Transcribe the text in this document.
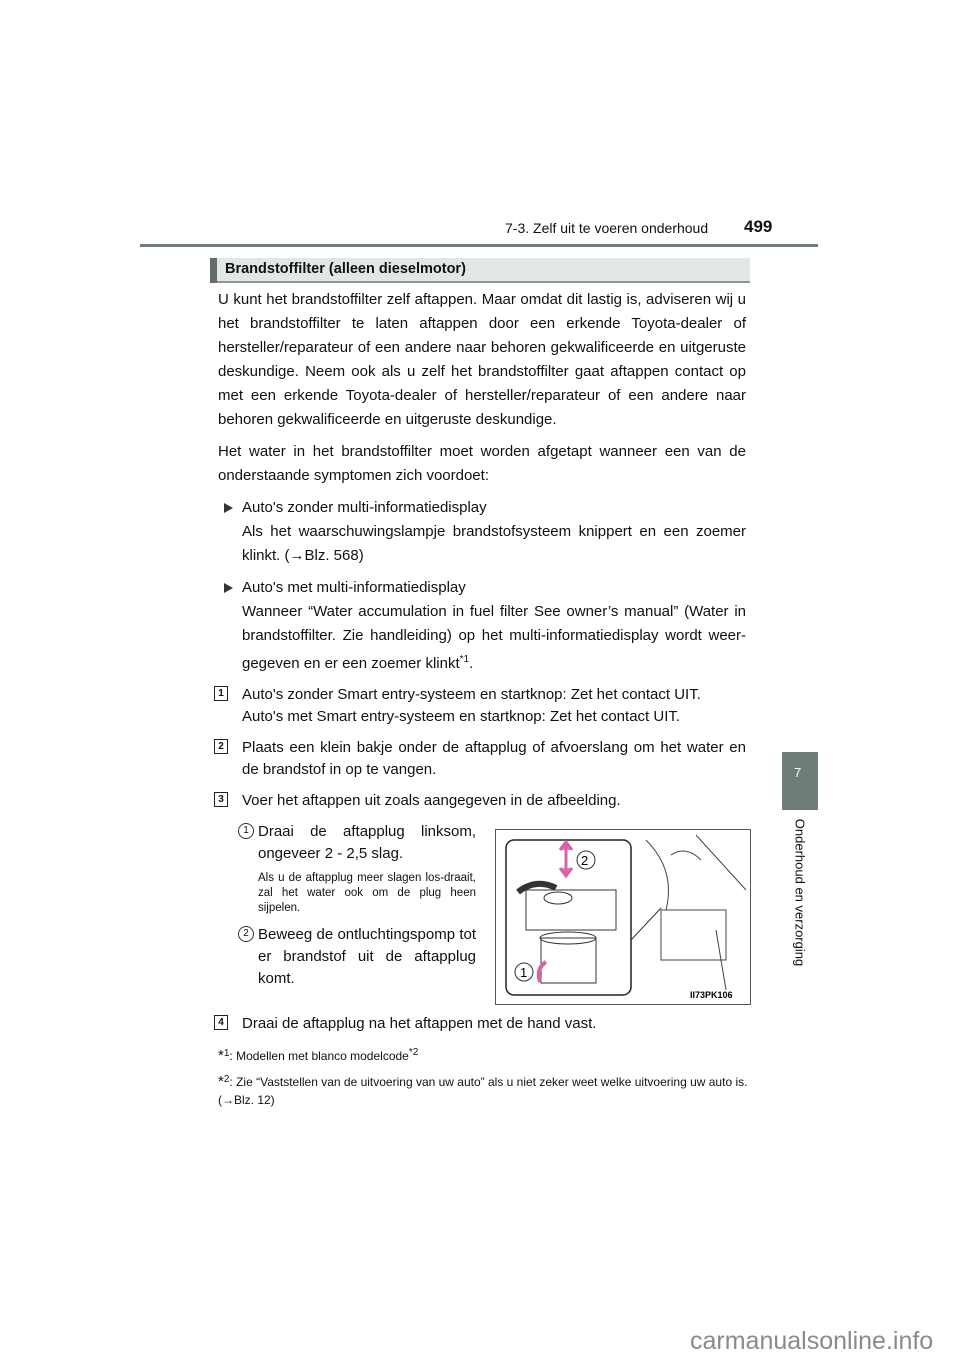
7-3. Zelf uit te voeren onderhoud 499
7
Onderhoud en verzorging
Brandstoffilter (alleen dieselmotor)
U kunt het brandstoffilter zelf aftappen. Maar omdat dit lastig is, adviseren wij u het brandstoffilter te laten aftappen door een erkende Toyota-dealer of hersteller/reparateur of een andere naar behoren gekwalificeerde en uitgeruste deskundige. Neem ook als u zelf het brandstoffilter gaat aftappen contact op met een erkende Toyota-dealer of hersteller/reparateur of een andere naar behoren gekwalificeerde en uitgeruste deskundige.
Het water in het brandstoffilter moet worden afgetapt wanneer een van de onderstaande symptomen zich voordoet:
Auto's zonder multi-informatiedisplay
Als het waarschuwingslampje brandstofsysteem knippert en een zoemer klinkt. (→Blz. 568)
Auto's met multi-informatiedisplay
Wanneer “Water accumulation in fuel filter See owner’s manual” (Water in brandstoffilter. Zie handleiding) op het multi-informatiedisplay wordt weer-gegeven en er een zoemer klinkt$^{*1}$.
1 Auto's zonder Smart entry-systeem en startknop: Zet het contact UIT.
Auto's met Smart entry-systeem en startknop: Zet het contact UIT.
2 Plaats een klein bakje onder de aftapplug of afvoerslang om het water en de brandstof in op te vangen.
3 Voer het aftappen uit zoals aangegeven in de afbeelding.
1 Draai de aftapplug linksom, ongeveer 2 - 2,5 slag.
Als u de aftapplug meer slagen los-draait, zal het water ook om de plug heen sijpelen.
2 Beweeg de ontluchtingspomp tot er brandstof uit de aftapplug komt.
2
1
II73PK106
4 Draai de aftapplug na het aftappen met de hand vast.
$*_1$: Modellen met blanco modelcode$^{*2}$
$*_2$: Zie “Vaststellen van de uitvoering van uw auto” als u niet zeker weet welke uitvoering uw auto is. (→Blz. 12)
carmanualsonline.info
